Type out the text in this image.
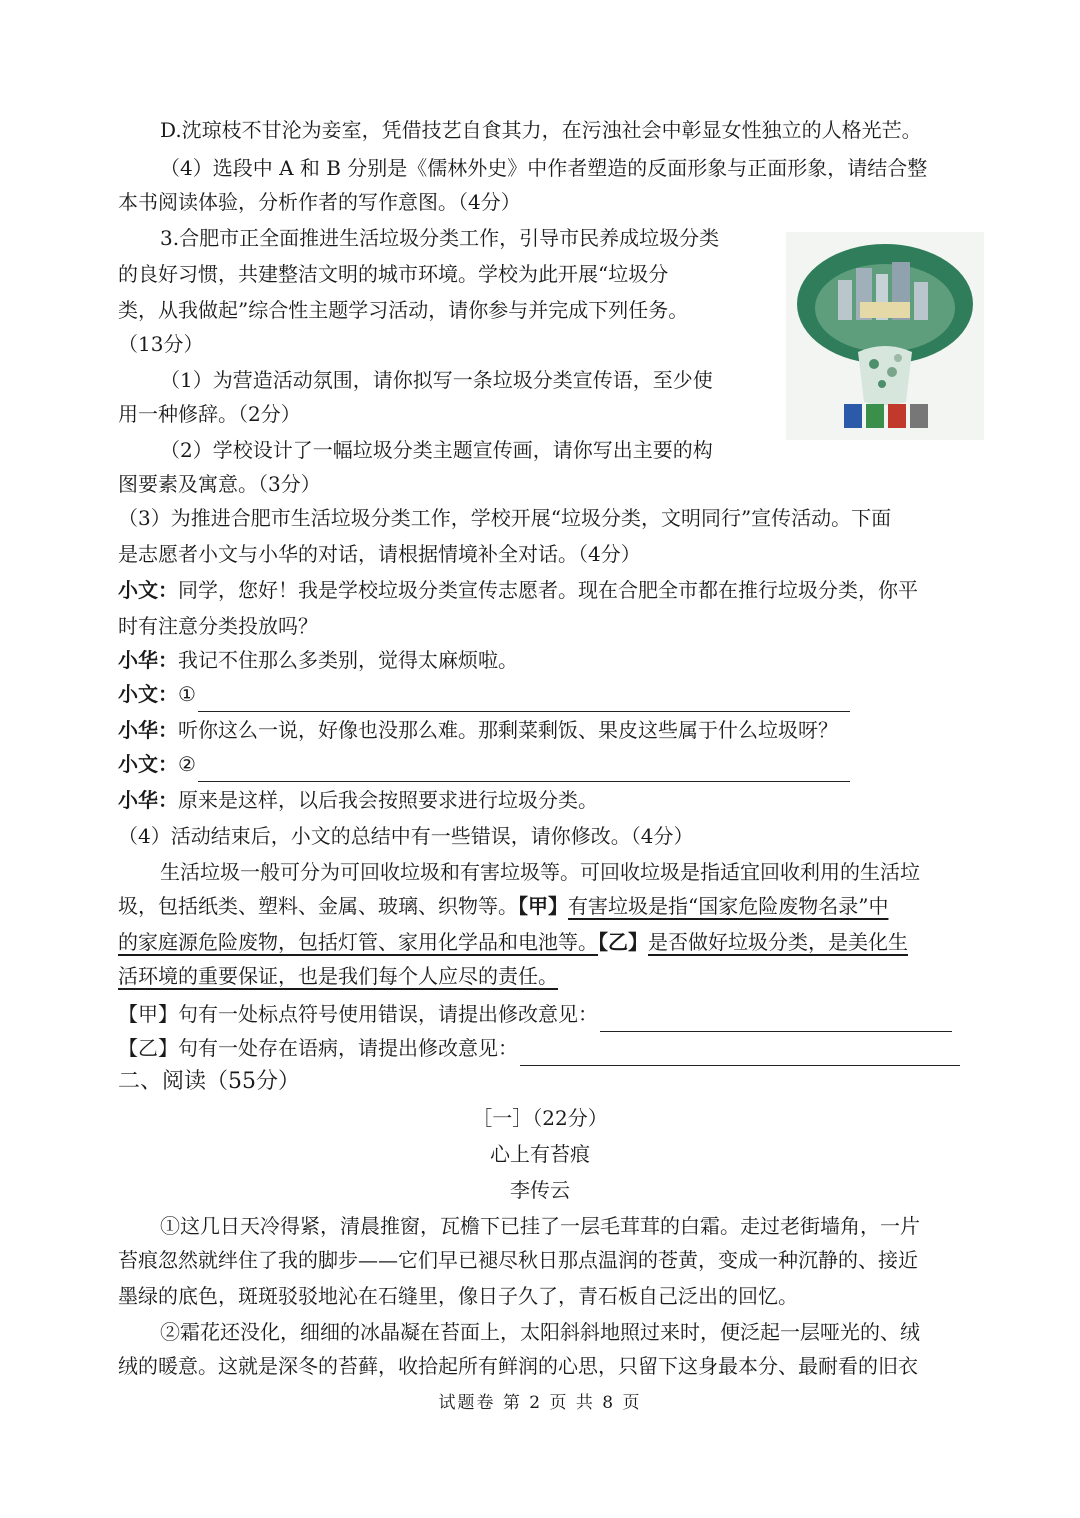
D.沈琼枝不甘沦为妾室，凭借技艺自食其力，在污浊社会中彰显女性独立的人格光芒。
（4）选段中 A 和 B 分别是《儒林外史》中作者塑造的反面形象与正面形象，请结合整
本书阅读体验，分析作者的写作意图。（4分）
3.合肥市正全面推进生活垃圾分类工作，引导市民养成垃圾分类
的良好习惯，共建整洁文明的城市环境。学校为此开展“垃圾分
类，从我做起”综合性主题学习活动，请你参与并完成下列任务。
（13分）
（1）为营造活动氛围，请你拟写一条垃圾分类宣传语，至少使
用一种修辞。（2分）
（2）学校设计了一幅垃圾分类主题宣传画，请你写出主要的构
图要素及寓意。（3分）
（3）为推进合肥市生活垃圾分类工作，学校开展“垃圾分类，文明同行”宣传活动。下面
是志愿者小文与小华的对话，请根据情境补全对话。（4分）
小文：同学，您好！我是学校垃圾分类宣传志愿者。现在合肥全市都在推行垃圾分类，你平
时有注意分类投放吗？
小华：我记不住那么多类别，觉得太麻烦啦。
小文：①
小华：听你这么一说，好像也没那么难。那剩菜剩饭、果皮这些属于什么垃圾呀？
小文：②
小华：原来是这样，以后我会按照要求进行垃圾分类。
（4）活动结束后，小文的总结中有一些错误，请你修改。（4分）
生活垃圾一般可分为可回收垃圾和有害垃圾等。可回收垃圾是指适宜回收利用的生活垃
圾，包括纸类、塑料、金属、玻璃、织物等。【甲】有害垃圾是指“国家危险废物名录”中
的家庭源危险废物，包括灯管、家用化学品和电池等。【乙】是否做好垃圾分类，是美化生
活环境的重要保证，也是我们每个人应尽的责任。
【甲】句有一处标点符号使用错误，请提出修改意见：
【乙】句有一处存在语病，请提出修改意见：
二、阅读（55分）
［一］（22分）
心上有苔痕
李传云
①这几日天冷得紧，清晨推窗，瓦檐下已挂了一层毛茸茸的白霜。走过老街墙角，一片
苔痕忽然就绊住了我的脚步——它们早已褪尽秋日那点温润的苍黄，变成一种沉静的、接近
墨绿的底色，斑斑驳驳地沁在石缝里，像日子久了，青石板自己泛出的回忆。
②霜花还没化，细细的冰晶凝在苔面上，太阳斜斜地照过来时，便泛起一层哑光的、绒
绒的暖意。这就是深冬的苔藓，收拾起所有鲜润的心思，只留下这身最本分、最耐看的旧衣
试题卷 第 2 页 共 8 页
